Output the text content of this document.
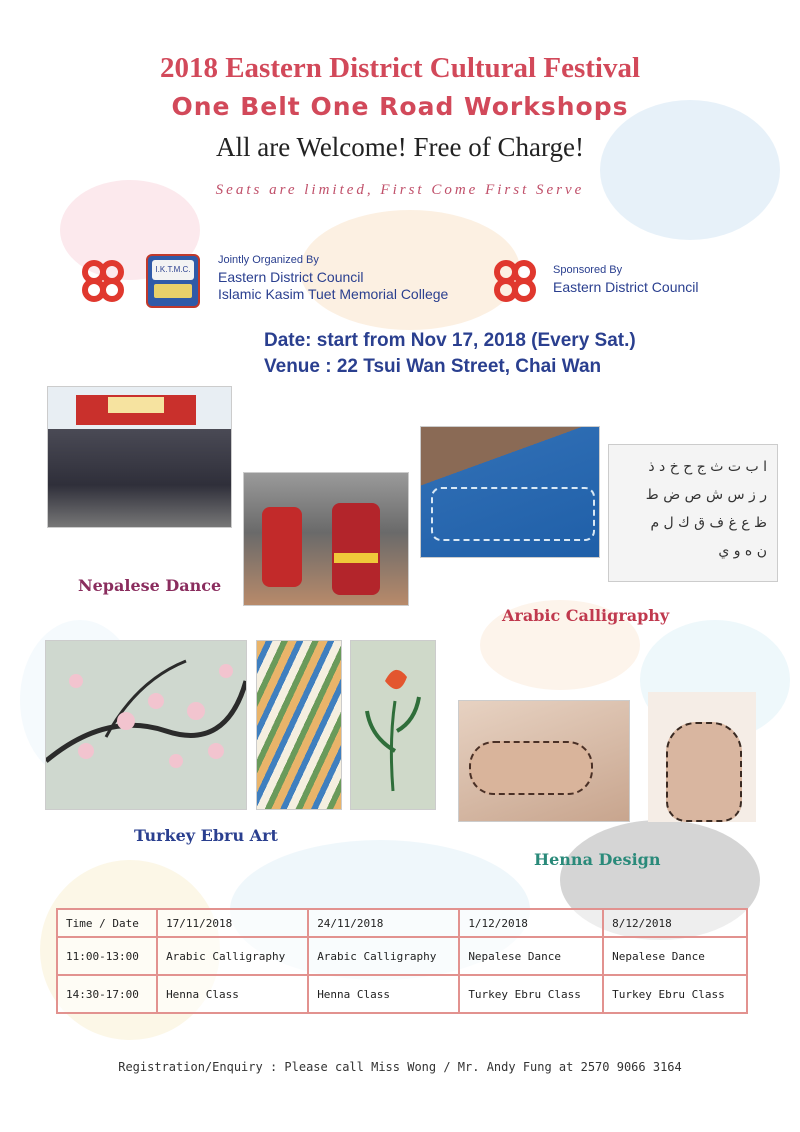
2018 Eastern District Cultural Festival
One Belt One Road Workshops
All are Welcome! Free of Charge!
Seats are limited, First Come First Serve
I.K.T.M.C.
Jointly Organized By
Eastern District Council
Islamic Kasim Tuet Memorial College
Sponsored By
Eastern District Council
Date: start from Nov 17, 2018 (Every Sat.)
Venue : 22 Tsui Wan Street, Chai Wan
ا ب ت ث ج ح خ د ذ
ر ز س ش ص ض ط
ظ ع غ ف ق ك ل م
ن ه و ي
Nepalese Dance
Arabic Calligraphy
Turkey Ebru Art
Henna Design
Time / Date	17/11/2018	24/11/2018	1/12/2018	8/12/2018
11:00-13:00	Arabic Calligraphy	Arabic Calligraphy	Nepalese Dance	Nepalese Dance
14:30-17:00	Henna Class	Henna Class	Turkey Ebru Class	Turkey Ebru Class
Registration/Enquiry : Please call Miss Wong / Mr. Andy Fung at 2570 9066 3164
